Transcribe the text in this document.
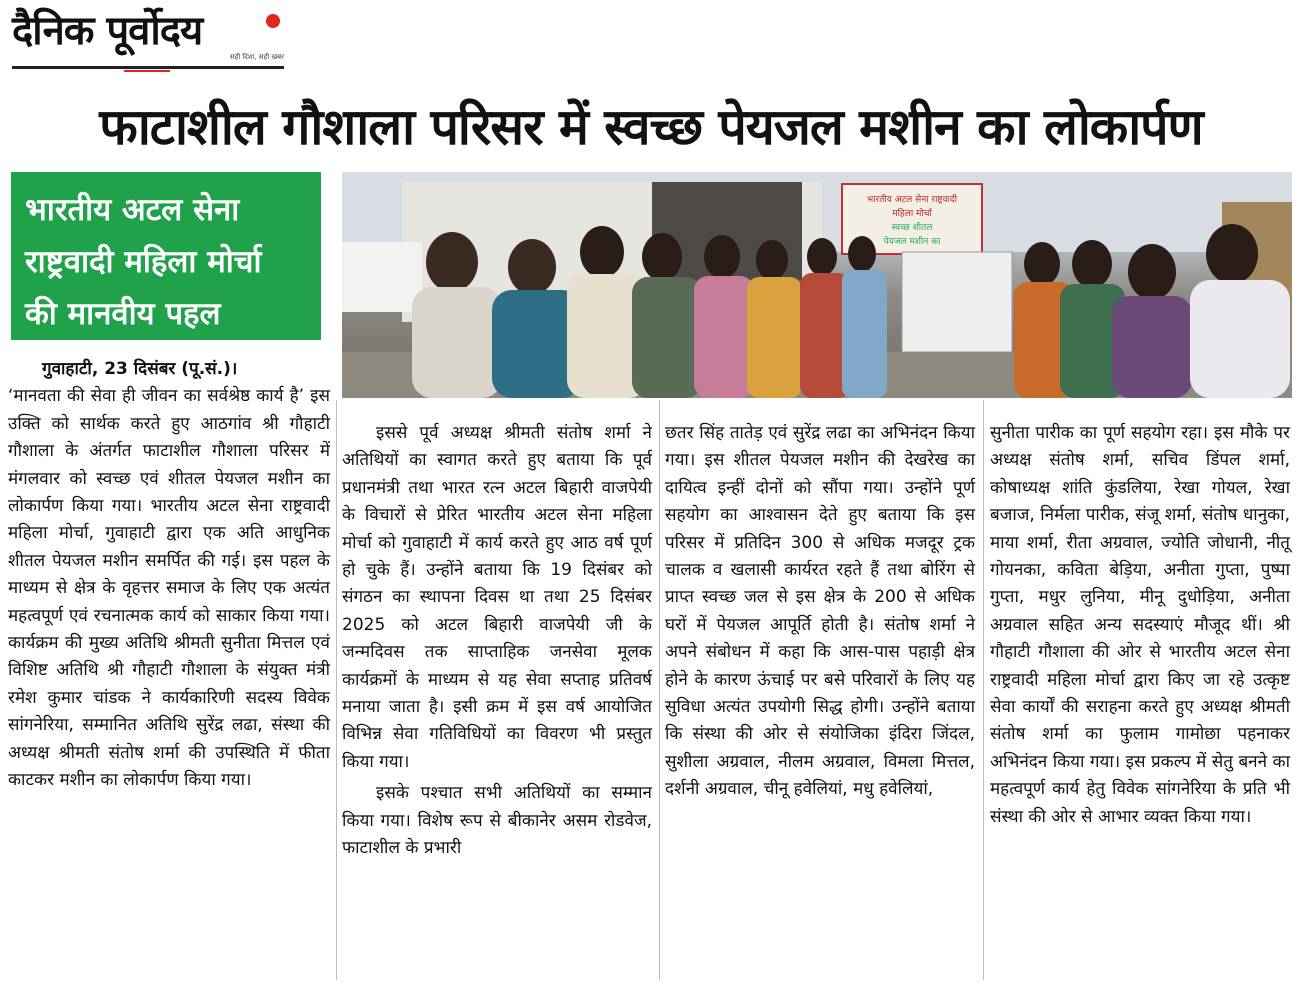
दैनिक पूर्वोदय
सही दिशा, सही खबर
फाटाशील गौशाला परिसर में स्वच्छ पेयजल मशीन का लोकार्पण
भारतीय अटल सेना
राष्ट्रवादी महिला मोर्चा
की मानवीय पहल
भारतीय अटल सेना राष्ट्रवादी
महिला मोर्चा
स्वच्छ शीतल
पेयजल मशीन का

गुवाहाटी, 23 दिसंबर (पू.सं.)।

‘मानवता की सेवा ही जीवन का सर्वश्रेष्ठ कार्य है’ इस उक्ति को सार्थक करते हुए आठगांव श्री गौहाटी गौशाला के अंतर्गत फाटाशील गौशाला परिसर में मंगलवार को स्वच्छ एवं शीतल पेयजल मशीन का लोकार्पण किया गया। भारतीय अटल सेना राष्ट्रवादी महिला मोर्चा, गुवाहाटी द्वारा एक अति आधुनिक शीतल पेयजल मशीन समर्पित की गई। इस पहल के माध्यम से क्षेत्र के वृहत्तर समाज के लिए एक अत्यंत महत्वपूर्ण एवं रचनात्मक कार्य को साकार किया गया।कार्यक्रम की मुख्य अतिथि श्रीमती सुनीता मित्तल एवं विशिष्ट अतिथि श्री गौहाटी गौशाला के संयुक्त मंत्री रमेश कुमार चांडक ने कार्यकारिणी सदस्य विवेक सांगनेरिया, सम्मानित अतिथि सुरेंद्र लढा, संस्था की अध्यक्ष श्रीमती संतोष शर्मा की उपस्थिति में फीता काटकर मशीन का लोकार्पण किया गया।

इससे पूर्व अध्यक्ष श्रीमती संतोष शर्मा ने अतिथियों का स्वागत करते हुए बताया कि पूर्व प्रधानमंत्री तथा भारत रत्न अटल बिहारी वाजपेयी के विचारों से प्रेरित भारतीय अटल सेना महिला मोर्चा को गुवाहाटी में कार्य करते हुए आठ वर्ष पूर्ण हो चुके हैं। उन्होंने बताया कि 19 दिसंबर को संगठन का स्थापना दिवस था तथा 25 दिसंबर 2025 को अटल बिहारी वाजपेयी जी के जन्मदिवस तक साप्ताहिक जनसेवा मूलक कार्यक्रमों के माध्यम से यह सेवा सप्ताह प्रतिवर्ष मनाया जाता है। इसी क्रम में इस वर्ष आयोजित विभिन्न सेवा गतिविधियों का विवरण भी प्रस्तुत किया गया।

इसके पश्चात सभी अतिथियों का सम्मान किया गया। विशेष रूप से बीकानेर असम रोडवेज, फाटाशील के प्रभारी

छतर सिंह तातेड़ एवं सुरेंद्र लढा का अभिनंदन किया गया। इस शीतल पेयजल मशीन की देखरेख का दायित्व इन्हीं दोनों को सौंपा गया। उन्होंने पूर्ण सहयोग का आश्वासन देते हुए बताया कि इस परिसर में प्रतिदिन 300 से अधिक मजदूर ट्रक चालक व खलासी कार्यरत रहते हैं तथा बोरिंग से प्राप्त स्वच्छ जल से इस क्षेत्र के 200 से अधिक घरों में पेयजल आपूर्ति होती है। संतोष शर्मा ने अपने संबोधन में कहा कि आस-पास पहाड़ी क्षेत्र होने के कारण ऊंचाई पर बसे परिवारों के लिए यह सुविधा अत्यंत उपयोगी सिद्ध होगी। उन्होंने बताया कि संस्था की ओर से संयोजिका इंदिरा जिंदल, सुशीला अग्रवाल, नीलम अग्रवाल, विमला मित्तल, दर्शनी अग्रवाल, चीनू हवेलियां, मधु हवेलियां,

सुनीता पारीक का पूर्ण सहयोग रहा। इस मौके पर अध्यक्ष संतोष शर्मा, सचिव डिंपल शर्मा, कोषाध्यक्ष शांति कुंडलिया, रेखा गोयल, रेखा बजाज, निर्मला पारीक, संजू शर्मा, संतोष धानुका, माया शर्मा, रीता अग्रवाल, ज्योति जोधानी, नीतू गोयनका, कविता बेड़िया, अनीता गुप्ता, पुष्पा गुप्ता, मधुर लुनिया, मीनू दुधोड़िया, अनीता अग्रवाल सहित अन्य सदस्याएं मौजूद थीं। श्री गौहाटी गौशाला की ओर से भारतीय अटल सेना राष्ट्रवादी महिला मोर्चा द्वारा किए जा रहे उत्कृष्ट सेवा कार्यों की सराहना करते हुए अध्यक्ष श्रीमती संतोष शर्मा का फुलाम गामोछा पहनाकर अभिनंदन किया गया। इस प्रकल्प में सेतु बनने का महत्वपूर्ण कार्य हेतु विवेक सांगनेरिया के प्रति भी संस्था की ओर से आभार व्यक्त किया गया।
